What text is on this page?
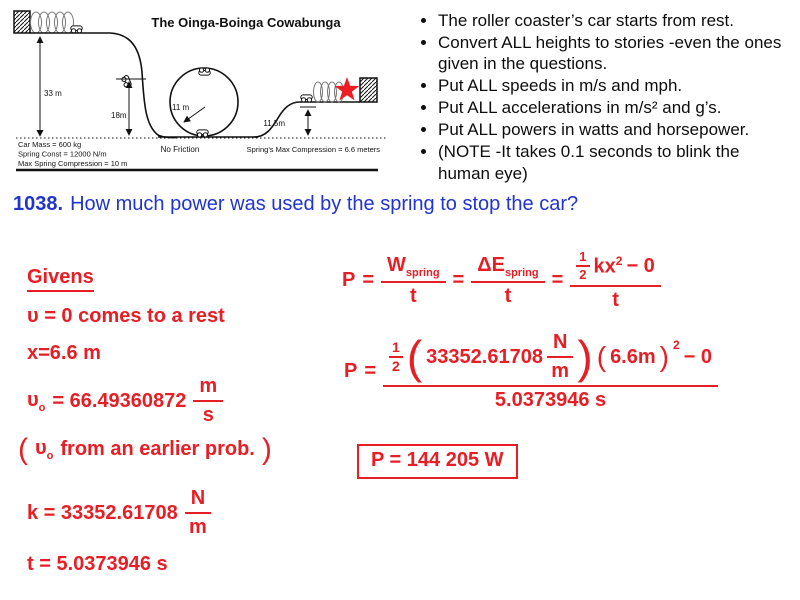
The Oinga-Boinga Cowabunga
33 m
18m
11 m
11.5m
Car Mass = 600 kg
Spring Const = 12000 N/m
Max Spring Compression = 10 m
No Friction	Spring's Max Compression = 6.6 meters
• The roller coaster’s car starts from rest.
• Convert ALL heights to stories -even the ones given in the questions.
• Put ALL speeds in m/s and mph.
• Put ALL accelerations in m/s² and g’s.
• Put ALL powers in watts and horsepower.
• (NOTE -It takes 0.1 seconds to blink the human eye)
1038. How much power was used by the spring to stop the car?
Givens
υ = 0 comes to a rest
x=6.6 m
$\upsilon_o = 66.49360872 \frac{m}{s}$
( $\upsilon_o$ from an earlier prob. )
$k = 33352.61708 \frac{N}{m}$
t = 5.0373946 s
$P = \frac{W_{spring}}{t} = \frac{\Delta E_{spring}}{t} = \frac{\frac{1}{2} kx^2 - 0}{t}$
$P = \frac{1}{2}$ ( $33352.61708 \frac{N}{m}$ ) ( 6.6m ) 2
− 0
5.0373946 s
P = 144 205 W
